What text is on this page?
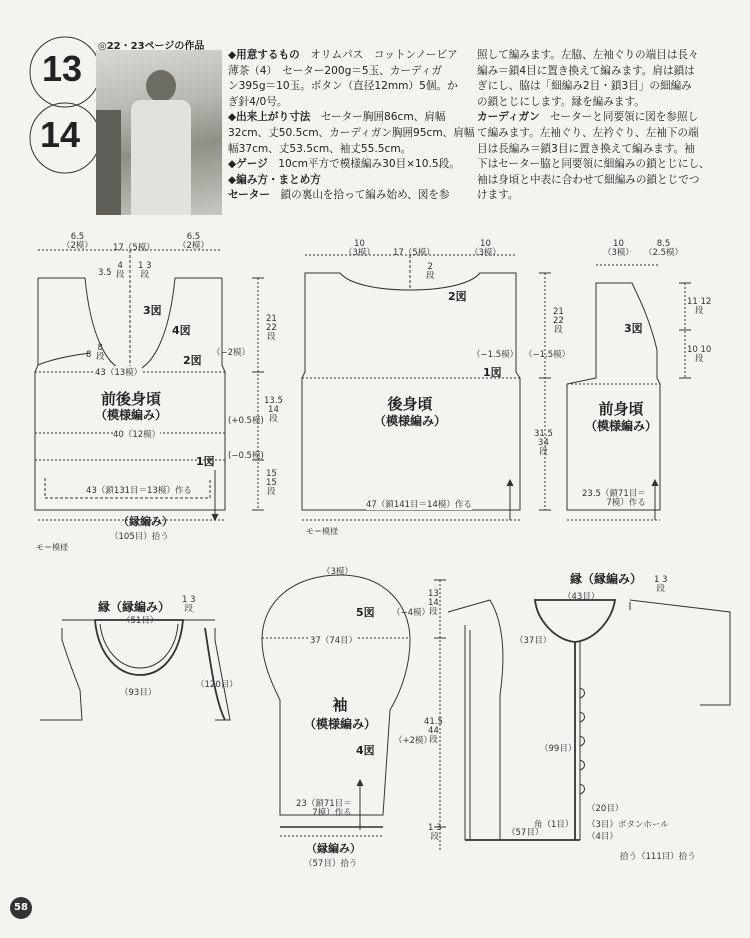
13
14
◎22・23ページの作品
◆用意するもの　オリムパス　コットンノービア
薄茶（4）　セーター200g＝5玉、カーディガ
ン395g＝10玉。ボタン（直径12mm）5個。か
ぎ針4/0号。
◆出来上がり寸法　セーター胸囲86cm、肩幅
32cm、丈50.5cm、カーディガン胸囲95cm、肩幅
幅37cm、丈53.5cm、袖丈55.5cm。
◆ゲージ　10cm平方で模様編み30目×10.5段。
◆編み方・まとめ方
セーター　鎖の裏山を拾って編み始め、図を参
照して編みます。左脇、左袖ぐりの端目は長々
編み＝鎖4目に置き換えて編みます。肩は鎖は
ぎにし、脇は「細編み2目・鎖3目」の細編み
の鎖とじにします。縁を編みます。
カーディガン　セーターと同要領に図を参照し
て編みます。左袖ぐり、左衿ぐり、左袖下の端
目は長編み＝鎖3目に置き換えて編みます。袖
下はセーター脇と同要領に細編みの鎖とじにし、
袖は身頃と中表に合わせて細編みの鎖とじでつ
けます。
6.5
（2模） 17（5模）
6.5
（2模）
3.5
4
段
1 3
段
3図
4図
2図
8
8
段	（−2模）
43（13模）
前後身頃
（模様編み）	(+0.5模)
40（12模）
(−0.5模)
1図
43（鎖131目＝13模）作る
（縁編み）
（105目）拾う
21
22
段
13.5
14
段
15
15
段
モ＝模様
10
（3模） 17（5模）
10
（3模）
2
段
2図
（−1.5模） （−1.5模）
1図
後身頃
（模様編み）
47（鎖141目＝14模）作る
21
22
段
31.5
34
段
モ＝模様
10
（3模）
8.5
（2.5模）
3図
前身頃
（模様編み）
23.5（鎖71目＝
7模）作る
11 12
段
10 10
段
縁（縁編み） 1 3
段
（51目）
（93目）
（120目）
（3模）
5図 （−4模）
37（74目）
袖
（模様編み）
（+2模）
4図
23（鎖71目＝
7模）作る
（縁編み）
（57目）拾う
13
14
段
41.5
44
段
1 3
段
縁（縁編み） 1 3
段
（43目）
（37目）
（99目）
（20目）
角（1目） （3目）ボタンホール
（4目）
（57目）
拾う（111目）拾う
58
